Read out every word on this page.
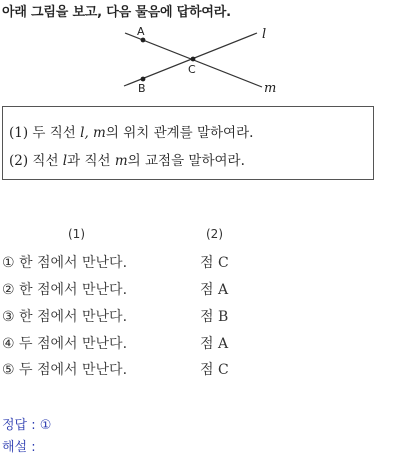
아래 그림을 보고, 다음 물음에 답하여라.
A
B
C
l
m
(1) 두 직선 l, m의 위치 관계를 말하여라.
(2) 직선 l과 직선 m의 교점을 말하여라.
(1)	(2)
① 한 점에서 만난다.	점 C
② 한 점에서 만난다.	점 A
③ 한 점에서 만난다.	점 B
④ 두 점에서 만난다.	점 A
⑤ 두 점에서 만난다.	점 C
정답 : ①
해설 :
